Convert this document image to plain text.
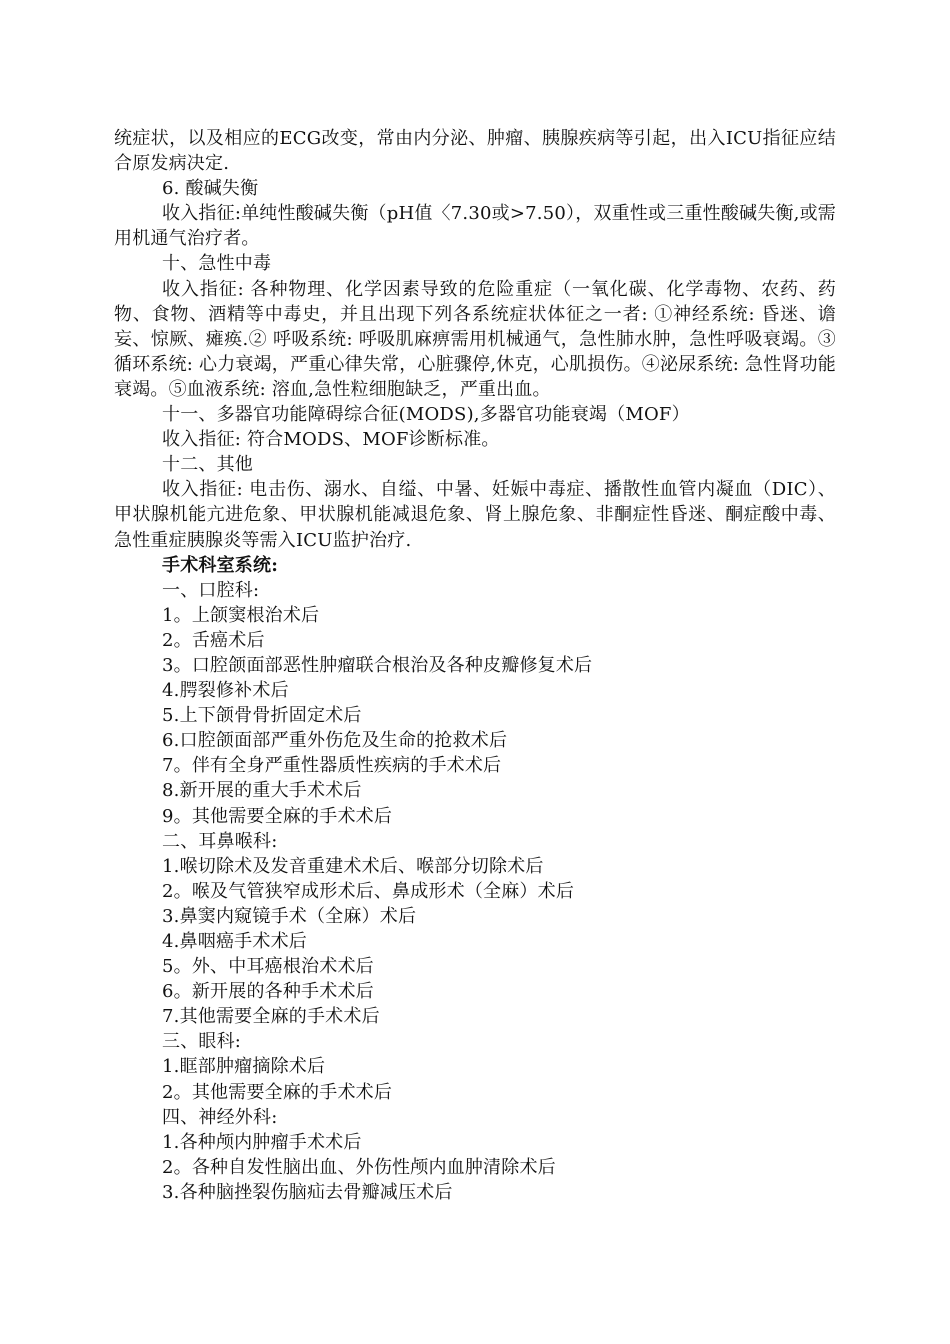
统症状，以及相应的ECG改变，常由内分泌、肿瘤、胰腺疾病等引起，出入ICU指征应结合原发病决定.

6. 酸碱失衡

收入指征:单纯性酸碱失衡（pH值〈7.30或>7.50），双重性或三重性酸碱失衡,或需用机通气治疗者。

十、急性中毒

收入指征: 各种物理、化学因素导致的危险重症（一氧化碳、化学毒物、农药、药物、食物、酒精等中毒史，并且出现下列各系统症状体征之一者: ①神经系统: 昏迷、谵妄、惊厥、瘫痪.② 呼吸系统: 呼吸肌麻痹需用机械通气，急性肺水肿，急性呼吸衰竭。③循环系统: 心力衰竭，严重心律失常，心脏骤停,休克，心肌损伤。④泌尿系统: 急性肾功能衰竭。⑤血液系统: 溶血,急性粒细胞缺乏，严重出血。

十一、多器官功能障碍综合征(MODS),多器官功能衰竭（MOF）

收入指征: 符合MODS、MOF诊断标准。

十二、其他

收入指征: 电击伤、溺水、自缢、中暑、妊娠中毒症、播散性血管内凝血（DIC）、甲状腺机能亢进危象、甲状腺机能减退危象、肾上腺危象、非酮症性昏迷、酮症酸中毒、急性重症胰腺炎等需入ICU监护治疗.

手术科室系统:

一、口腔科:

1。上颌窦根治术后

2。舌癌术后

3。口腔颌面部恶性肿瘤联合根治及各种皮瓣修复术后

4.腭裂修补术后

5.上下颌骨骨折固定术后

6.口腔颌面部严重外伤危及生命的抢救术后

7。伴有全身严重性器质性疾病的手术术后

8.新开展的重大手术术后

9。其他需要全麻的手术术后

二、耳鼻喉科:

1.喉切除术及发音重建术术后、喉部分切除术后

2。喉及气管狭窄成形术后、鼻成形术（全麻）术后

3.鼻窦内窥镜手术（全麻）术后

4.鼻咽癌手术术后

5。外、中耳癌根治术术后

6。新开展的各种手术术后

7.其他需要全麻的手术术后

三、眼科:

1.眶部肿瘤摘除术后

2。其他需要全麻的手术术后

四、神经外科:

1.各种颅内肿瘤手术术后

2。各种自发性脑出血、外伤性颅内血肿清除术后

3.各种脑挫裂伤脑疝去骨瓣减压术后
